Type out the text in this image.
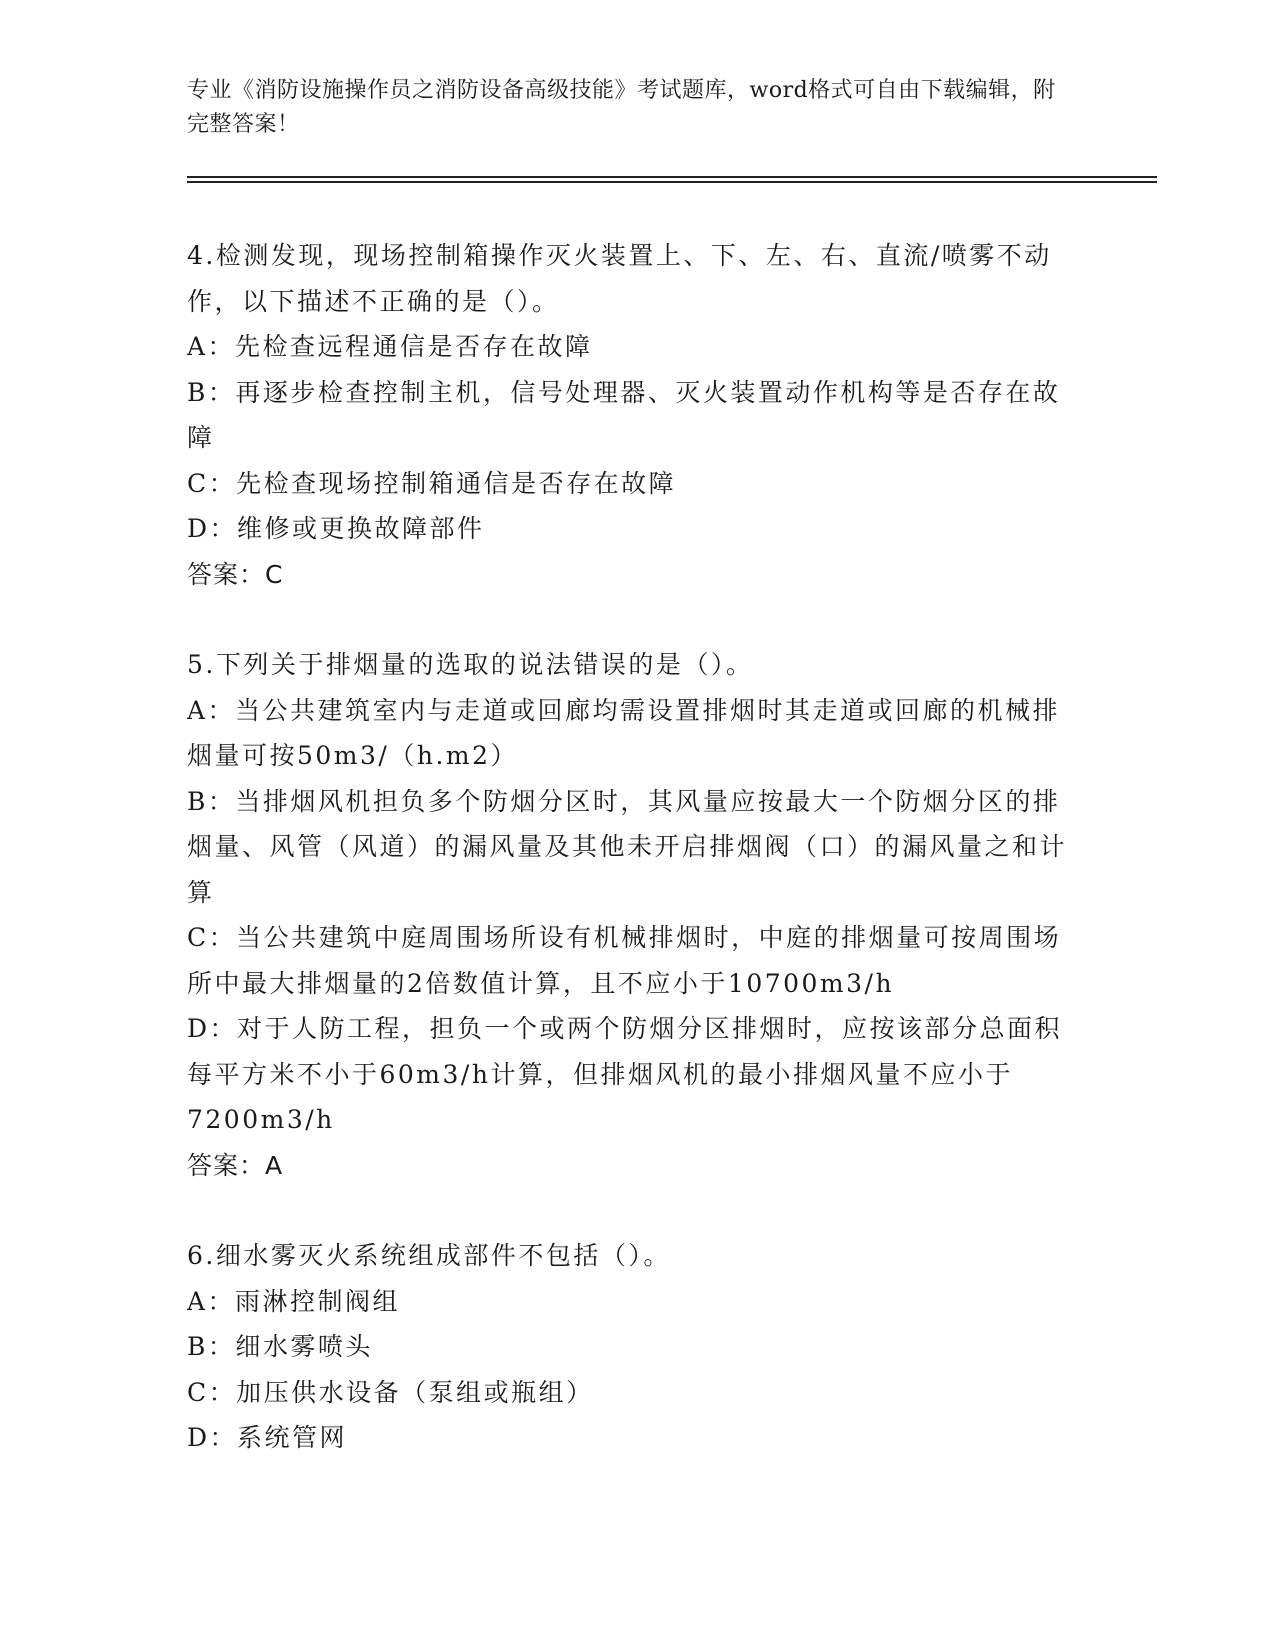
专业《消防设施操作员之消防设备高级技能》考试题库，word格式可自由下载编辑，附完整答案！
4.检测发现，现场控制箱操作灭火装置上、下、左、右、直流/喷雾不动作，以下描述不正确的是（）。
A：先检查远程通信是否存在故障
B：再逐步检查控制主机，信号处理器、灭火装置动作机构等是否存在故障
C：先检查现场控制箱通信是否存在故障
D：维修或更换故障部件
答案：C
5.下列关于排烟量的选取的说法错误的是（）。
A：当公共建筑室内与走道或回廊均需设置排烟时其走道或回廊的机械排烟量可按50m3/（h.m2）
B：当排烟风机担负多个防烟分区时，其风量应按最大一个防烟分区的排烟量、风管（风道）的漏风量及其他未开启排烟阀（口）的漏风量之和计算
C：当公共建筑中庭周围场所设有机械排烟时，中庭的排烟量可按周围场所中最大排烟量的2倍数值计算，且不应小于10700m3/h
D：对于人防工程，担负一个或两个防烟分区排烟时，应按该部分总面积每平方米不小于60m3/h计算，但排烟风机的最小排烟风量不应小于7200m3/h
答案：A
6.细水雾灭火系统组成部件不包括（）。
A：雨淋控制阀组
B：细水雾喷头
C：加压供水设备（泵组或瓶组）
D：系统管网
